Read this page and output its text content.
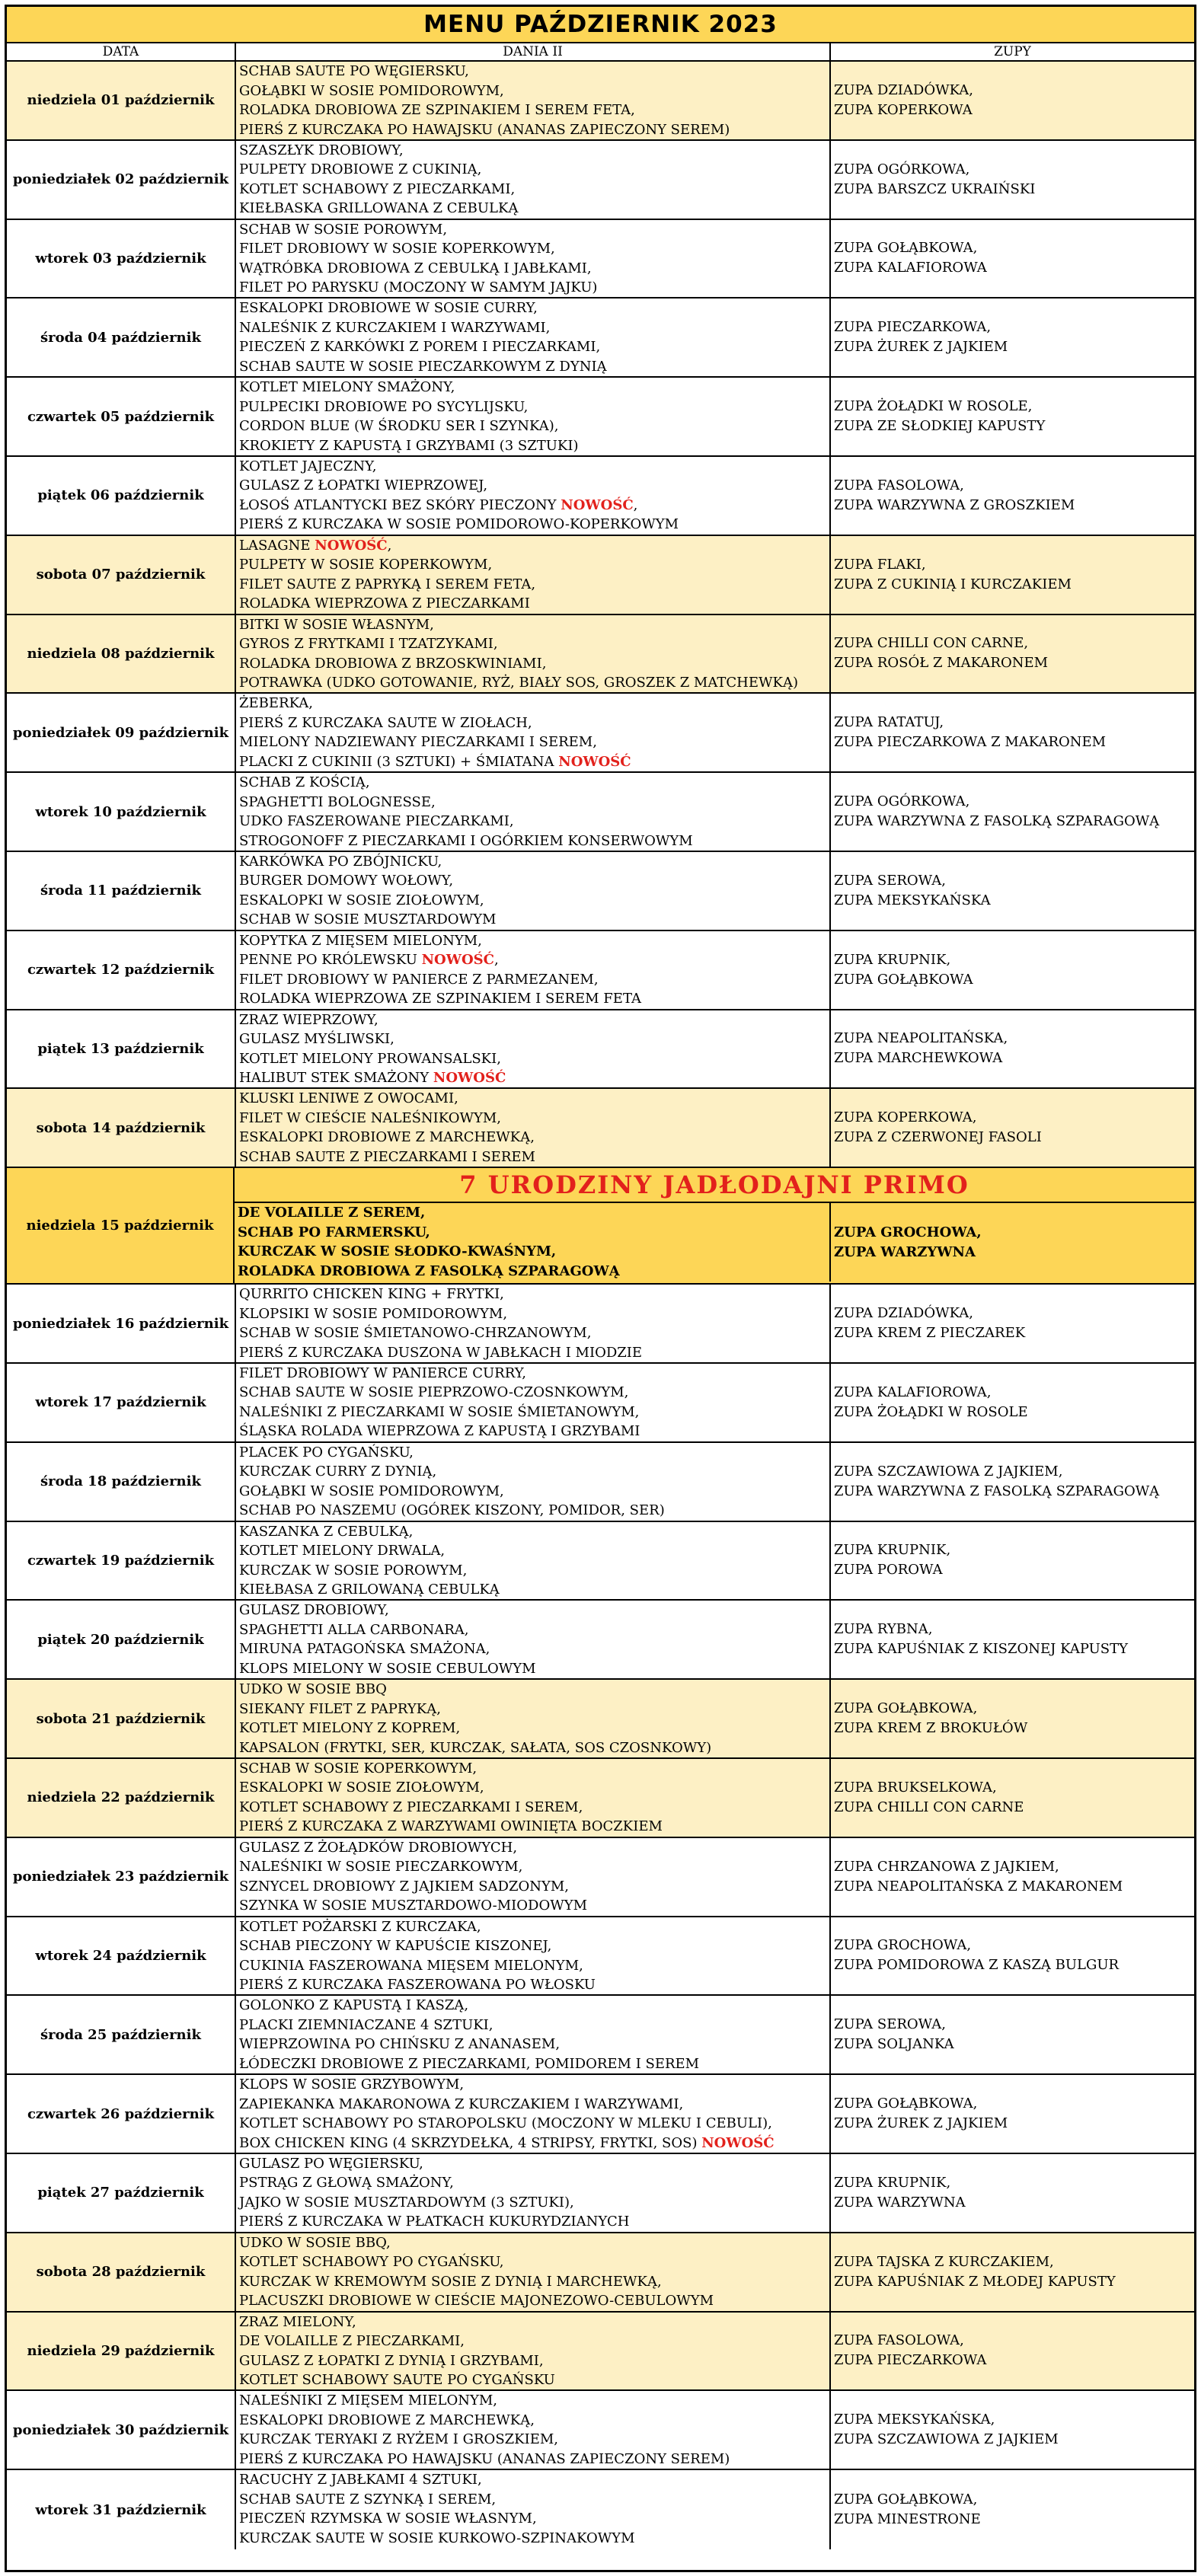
MENU PAŹDZIERNIK 2023
DATA	DANIA II	ZUPY
niedziela 01 październik
SCHAB SAUTE PO WĘGIERSKU,
GOŁĄBKI W SOSIE POMIDOROWYM,
ROLADKA DROBIOWA ZE SZPINAKIEM I SEREM FETA,
PIERŚ Z KURCZAKA PO HAWAJSKU (ANANAS ZAPIECZONY SEREM)
ZUPA DZIADÓWKA,
ZUPA KOPERKOWA
poniedziałek 02 październik
SZASZŁYK DROBIOWY,
PULPETY DROBIOWE Z CUKINIĄ,
KOTLET SCHABOWY Z PIECZARKAMI,
KIEŁBASKA GRILLOWANA Z CEBULKĄ
ZUPA OGÓRKOWA,
ZUPA BARSZCZ UKRAIŃSKI
wtorek 03 październik
SCHAB W SOSIE POROWYM,
FILET DROBIOWY W SOSIE KOPERKOWYM,
WĄTRÓBKA DROBIOWA Z CEBULKĄ I JABŁKAMI,
FILET PO PARYSKU (MOCZONY W SAMYM JAJKU)
ZUPA GOŁĄBKOWA,
ZUPA KALAFIOROWA
środa 04 październik
ESKALOPKI DROBIOWE W SOSIE CURRY,
NALEŚNIK Z KURCZAKIEM I WARZYWAMI,
PIECZEŃ Z KARKÓWKI Z POREM I PIECZARKAMI,
SCHAB SAUTE W SOSIE PIECZARKOWYM Z DYNIĄ
ZUPA PIECZARKOWA,
ZUPA ŻUREK Z JAJKIEM
czwartek 05 październik
KOTLET MIELONY SMAŻONY,
PULPECIKI DROBIOWE PO SYCYLIJSKU,
CORDON BLUE (W ŚRODKU SER I SZYNKA),
KROKIETY Z KAPUSTĄ I GRZYBAMI (3 SZTUKI)
ZUPA ŻOŁĄDKI W ROSOLE,
ZUPA ZE SŁODKIEJ KAPUSTY
piątek 06 październik
KOTLET JAJECZNY,
GULASZ Z ŁOPATKI WIEPRZOWEJ,
ŁOSOŚ ATLANTYCKI BEZ SKÓRY PIECZONY NOWOŚĆ,
PIERŚ Z KURCZAKA W SOSIE POMIDOROWO-KOPERKOWYM
ZUPA FASOLOWA,
ZUPA WARZYWNA Z GROSZKIEM
sobota 07 październik
LASAGNE NOWOŚĆ,
PULPETY W SOSIE KOPERKOWYM,
FILET SAUTE Z PAPRYKĄ I SEREM FETA,
ROLADKA WIEPRZOWA Z PIECZARKAMI
ZUPA FLAKI,
ZUPA Z CUKINIĄ I KURCZAKIEM
niedziela 08 październik
BITKI W SOSIE WŁASNYM,
GYROS Z FRYTKAMI I TZATZYKAMI,
ROLADKA DROBIOWA Z BRZOSKWINIAMI,
POTRAWKA (UDKO GOTOWANIE, RYŻ, BIAŁY SOS, GROSZEK Z MATCHEWKĄ)
ZUPA CHILLI CON CARNE,
ZUPA ROSÓŁ Z MAKARONEM
poniedziałek 09 październik
ŻEBERKA,
PIERŚ Z KURCZAKA SAUTE W ZIOŁACH,
MIELONY NADZIEWANY PIECZARKAMI I SEREM,
PLACKI Z CUKINII (3 SZTUKI) + ŚMIATANA NOWOŚĆ
ZUPA RATATUJ,
ZUPA PIECZARKOWA Z MAKARONEM
wtorek 10 październik
SCHAB Z KOŚCIĄ,
SPAGHETTI BOLOGNESSE,
UDKO FASZEROWANE PIECZARKAMI,
STROGONOFF Z PIECZARKAMI I OGÓRKIEM KONSERWOWYM
ZUPA OGÓRKOWA,
ZUPA WARZYWNA Z FASOLKĄ SZPARAGOWĄ
środa 11 październik
KARKÓWKA PO ZBÓJNICKU,
BURGER DOMOWY WOŁOWY,
ESKALOPKI W SOSIE ZIOŁOWYM,
SCHAB W SOSIE MUSZTARDOWYM
ZUPA SEROWA,
ZUPA MEKSYKAŃSKA
czwartek 12 październik
KOPYTKA Z MIĘSEM MIELONYM,
PENNE PO KRÓLEWSKU NOWOŚĆ,
FILET DROBIOWY W PANIERCE Z PARMEZANEM,
ROLADKA WIEPRZOWA ZE SZPINAKIEM I SEREM FETA
ZUPA KRUPNIK,
ZUPA GOŁĄBKOWA
piątek 13 październik
ZRAZ WIEPRZOWY,
GULASZ MYŚLIWSKI,
KOTLET MIELONY PROWANSALSKI,
HALIBUT STEK SMAŻONY NOWOŚĆ
ZUPA NEAPOLITAŃSKA,
ZUPA MARCHEWKOWA
sobota 14 październik
KLUSKI LENIWE Z OWOCAMI,
FILET W CIEŚCIE NALEŚNIKOWYM,
ESKALOPKI DROBIOWE Z MARCHEWKĄ,
SCHAB SAUTE Z PIECZARKAMI I SEREM
ZUPA KOPERKOWA,
ZUPA Z CZERWONEJ FASOLI
niedziela 15 październik
7 URODZINY JADŁODAJNI PRIMO
DE VOLAILLE Z SEREM,
SCHAB PO FARMERSKU,
KURCZAK W SOSIE SŁODKO-KWAŚNYM,
ROLADKA DROBIOWA Z FASOLKĄ SZPARAGOWĄ
ZUPA GROCHOWA,
ZUPA WARZYWNA
poniedziałek 16 październik
QURRITO CHICKEN KING + FRYTKI,
KLOPSIKI W SOSIE POMIDOROWYM,
SCHAB W SOSIE ŚMIETANOWO-CHRZANOWYM,
PIERŚ Z KURCZAKA DUSZONA W JABŁKACH I MIODZIE
ZUPA DZIADÓWKA,
ZUPA KREM Z PIECZAREK
wtorek 17 październik
FILET DROBIOWY W PANIERCE CURRY,
SCHAB SAUTE W SOSIE PIEPRZOWO-CZOSNKOWYM,
NALEŚNIKI Z PIECZARKAMI W SOSIE ŚMIETANOWYM,
ŚLĄSKA ROLADA WIEPRZOWA Z KAPUSTĄ I GRZYBAMI
ZUPA KALAFIOROWA,
ZUPA ŻOŁĄDKI W ROSOLE
środa 18 październik
PLACEK PO CYGAŃSKU,
KURCZAK CURRY Z DYNIĄ,
GOŁĄBKI W SOSIE POMIDOROWYM,
SCHAB PO NASZEMU (OGÓREK KISZONY, POMIDOR, SER)
ZUPA SZCZAWIOWA Z JAJKIEM,
ZUPA WARZYWNA Z FASOLKĄ SZPARAGOWĄ
czwartek 19 październik
KASZANKA Z CEBULKĄ,
KOTLET MIELONY DRWALA,
KURCZAK W SOSIE POROWYM,
KIEŁBASA Z GRILOWANĄ CEBULKĄ
ZUPA KRUPNIK,
ZUPA POROWA
piątek 20 październik
GULASZ DROBIOWY,
SPAGHETTI ALLA CARBONARA,
MIRUNA PATAGOŃSKA SMAŻONA,
KLOPS MIELONY W SOSIE CEBULOWYM
ZUPA RYBNA,
ZUPA KAPUŚNIAK Z KISZONEJ KAPUSTY
sobota 21 październik
UDKO W SOSIE BBQ
SIEKANY FILET Z PAPRYKĄ,
KOTLET MIELONY Z KOPREM,
KAPSALON (FRYTKI, SER, KURCZAK, SAŁATA, SOS CZOSNKOWY)
ZUPA GOŁĄBKOWA,
ZUPA KREM Z BROKUŁÓW
niedziela 22 październik
SCHAB W SOSIE KOPERKOWYM,
ESKALOPKI W SOSIE ZIOŁOWYM,
KOTLET SCHABOWY Z PIECZARKAMI I SEREM,
PIERŚ Z KURCZAKA Z WARZYWAMI OWINIĘTA BOCZKIEM
ZUPA BRUKSELKOWA,
ZUPA CHILLI CON CARNE
poniedziałek 23 październik
GULASZ Z ŻOŁĄDKÓW DROBIOWYCH,
NALEŚNIKI W SOSIE PIECZARKOWYM,
SZNYCEL DROBIOWY Z JAJKIEM SADZONYM,
SZYNKA W SOSIE MUSZTARDOWO-MIODOWYM
ZUPA CHRZANOWA Z JAJKIEM,
ZUPA NEAPOLITAŃSKA Z MAKARONEM
wtorek 24 październik
KOTLET POŻARSKI Z KURCZAKA,
SCHAB PIECZONY W KAPUŚCIE KISZONEJ,
CUKINIA FASZEROWANA MIĘSEM MIELONYM,
PIERŚ Z KURCZAKA FASZEROWANA PO WŁOSKU
ZUPA GROCHOWA,
ZUPA POMIDOROWA Z KASZĄ BULGUR
środa 25 październik
GOLONKO Z KAPUSTĄ I KASZĄ,
PLACKI ZIEMNIACZANE 4 SZTUKI,
WIEPRZOWINA PO CHIŃSKU Z ANANASEM,
ŁÓDECZKI DROBIOWE Z PIECZARKAMI, POMIDOREM I SEREM
ZUPA SEROWA,
ZUPA SOLJANKA
czwartek 26 październik
KLOPS W SOSIE GRZYBOWYM,
ZAPIEKANKA MAKARONOWA Z KURCZAKIEM I WARZYWAMI,
KOTLET SCHABOWY PO STAROPOLSKU (MOCZONY W MLEKU I CEBULI),
BOX CHICKEN KING (4 SKRZYDEŁKA, 4 STRIPSY, FRYTKI, SOS) NOWOŚĆ
ZUPA GOŁĄBKOWA,
ZUPA ŻUREK Z JAJKIEM
piątek 27 październik
GULASZ PO WĘGIERSKU,
PSTRĄG Z GŁOWĄ SMAŻONY,
JAJKO W SOSIE MUSZTARDOWYM (3 SZTUKI),
PIERŚ Z KURCZAKA W PŁATKACH KUKURYDZIANYCH
ZUPA KRUPNIK,
ZUPA WARZYWNA
sobota 28 październik
UDKO W SOSIE BBQ,
KOTLET SCHABOWY PO CYGAŃSKU,
KURCZAK W KREMOWYM SOSIE Z DYNIĄ I MARCHEWKĄ,
PLACUSZKI DROBIOWE W CIEŚCIE MAJONEZOWO-CEBULOWYM
ZUPA TAJSKA Z KURCZAKIEM,
ZUPA KAPUŚNIAK Z MŁODEJ KAPUSTY
niedziela 29 październik
ZRAZ MIELONY,
DE VOLAILLE Z PIECZARKAMI,
GULASZ Z ŁOPATKI Z DYNIĄ I GRZYBAMI,
KOTLET SCHABOWY SAUTE PO CYGAŃSKU
ZUPA FASOLOWA,
ZUPA PIECZARKOWA
poniedziałek 30 październik
NALEŚNIKI Z MIĘSEM MIELONYM,
ESKALOPKI DROBIOWE Z MARCHEWKĄ,
KURCZAK TERYAKI Z RYŻEM I GROSZKIEM,
PIERŚ Z KURCZAKA PO HAWAJSKU (ANANAS ZAPIECZONY SEREM)
ZUPA MEKSYKAŃSKA,
ZUPA SZCZAWIOWA Z JAJKIEM
wtorek 31 październik
RACUCHY Z JABŁKAMI 4 SZTUKI,
SCHAB SAUTE Z SZYNKĄ I SEREM,
PIECZEŃ RZYMSKA W SOSIE WŁASNYM,
KURCZAK SAUTE W SOSIE KURKOWO-SZPINAKOWYM
ZUPA GOŁĄBKOWA,
ZUPA MINESTRONE
